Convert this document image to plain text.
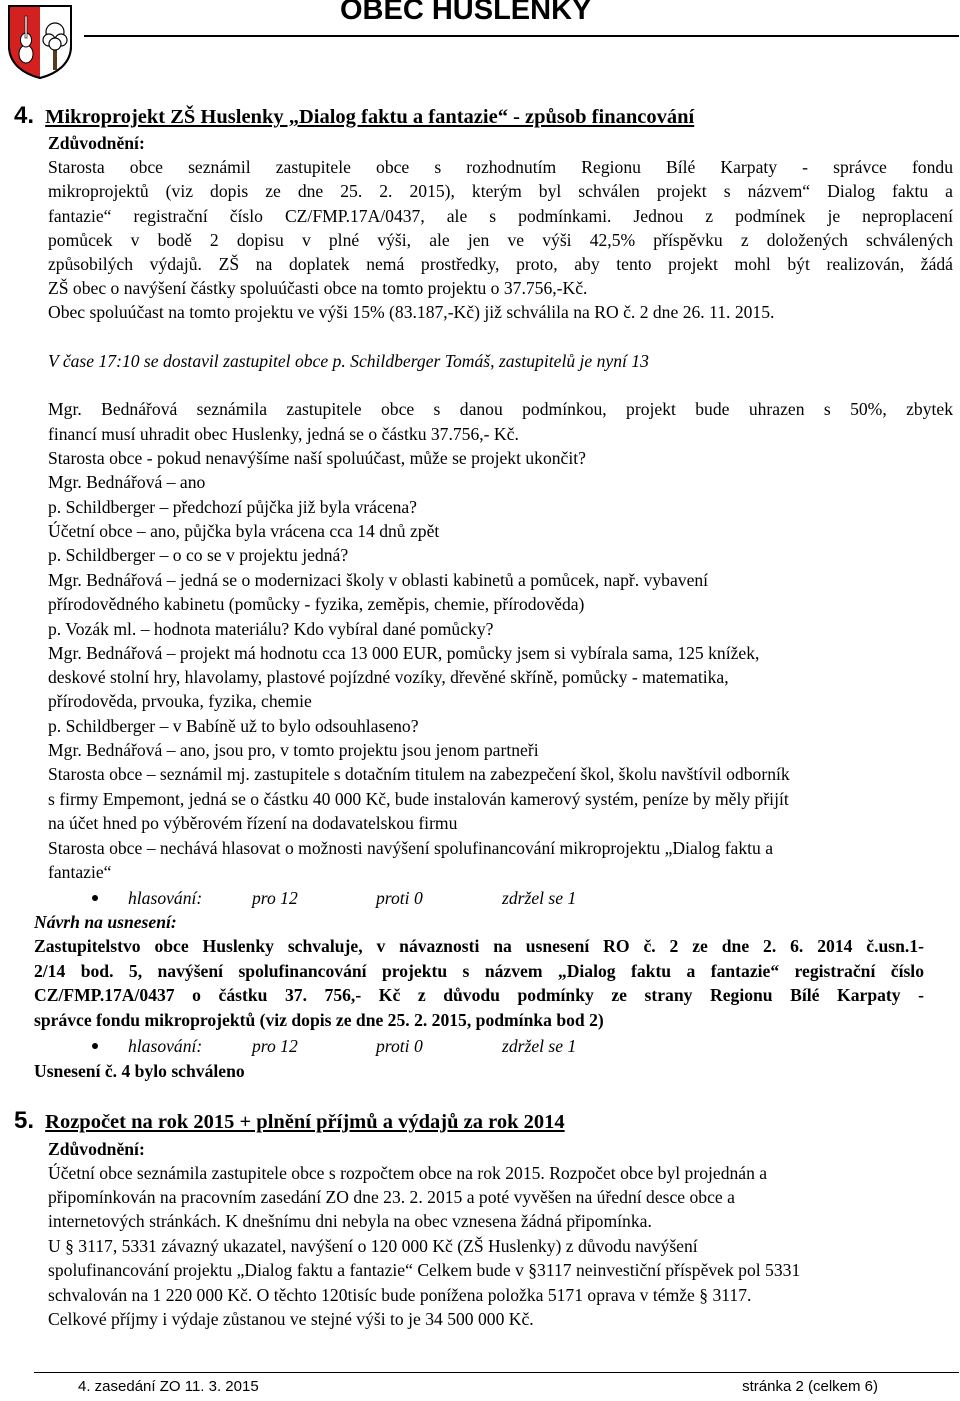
OBEC HUSLENKY
4. Mikroprojekt ZŠ Huslenky „Dialog faktu a fantazie“ - způsob financování
Zdůvodnění:
Starosta obce seznámil zastupitele obce s rozhodnutím Regionu Bílé Karpaty - správce fondu
mikroprojektů (viz dopis ze dne 25. 2. 2015), kterým byl schválen projekt s názvem“ Dialog faktu a
fantazie“ registrační číslo CZ/FMP.17A/0437, ale s podmínkami. Jednou z podmínek je neproplacení
pomůcek v bodě 2 dopisu v plné výši, ale jen ve výši 42,5% příspěvku z doložených schválených
způsobilých výdajů. ZŠ na doplatek nemá prostředky, proto, aby tento projekt mohl být realizován, žádá
ZŠ obec o navýšení částky spoluúčasti obce na tomto projektu o 37.756,-Kč.
Obec spoluúčast na tomto projektu ve výši 15% (83.187,-Kč) již schválila na RO č. 2 dne 26. 11. 2015.
V čase 17:10 se dostavil zastupitel obce p. Schildberger Tomáš, zastupitelů je nyní 13
Mgr. Bednářová seznámila zastupitele obce s danou podmínkou, projekt bude uhrazen s 50%, zbytek
financí musí uhradit obec Huslenky, jedná se o částku 37.756,- Kč.
Starosta obce - pokud nenavýšíme naší spoluúčast, může se projekt ukončit?
Mgr. Bednářová – ano
p. Schildberger – předchozí půjčka již byla vrácena?
Účetní obce – ano, půjčka byla vrácena cca 14 dnů zpět
p. Schildberger – o co se v projektu jedná?
Mgr. Bednářová – jedná se o modernizaci školy v oblasti kabinetů a pomůcek, např. vybavení
přírodovědného kabinetu (pomůcky - fyzika, zeměpis, chemie, přírodověda)
p. Vozák ml. – hodnota materiálu? Kdo vybíral dané pomůcky?
Mgr. Bednářová – projekt má hodnotu cca 13 000 EUR, pomůcky jsem si vybírala sama, 125 knížek,
deskové stolní hry, hlavolamy, plastové pojízdné vozíky, dřevěné skříně, pomůcky - matematika,
přírodověda, prvouka, fyzika, chemie
p. Schildberger – v Babíně už to bylo odsouhlaseno?
Mgr. Bednářová – ano, jsou pro, v tomto projektu jsou jenom partneři
Starosta obce – seznámil mj. zastupitele s dotačním titulem na zabezpečení škol, školu navštívil odborník
s firmy Empemont, jedná se o částku 40 000 Kč, bude instalován kamerový systém, peníze by měly přijít
na účet hned po výběrovém řízení na dodavatelskou firmu
Starosta obce – nechává hlasovat o možnosti navýšení spolufinancování mikroprojektu „Dialog faktu a
fantazie“
hlasování:	pro 12	proti 0	zdržel se 1
Návrh na usnesení:
Zastupitelstvo obce Huslenky schvaluje, v návaznosti na usnesení RO č. 2 ze dne 2. 6. 2014 č.usn.1-
2/14 bod. 5, navýšení spolufinancování projektu s názvem „Dialog faktu a fantazie“ registrační číslo
CZ/FMP.17A/0437 o částku 37. 756,- Kč z důvodu podmínky ze strany Regionu Bílé Karpaty -
správce fondu mikroprojektů (viz dopis ze dne 25. 2. 2015, podmínka bod 2)
hlasování:	pro 12	proti 0	zdržel se 1
Usnesení č. 4 bylo schváleno
5. Rozpočet na rok 2015 + plnění příjmů a výdajů za rok 2014
Zdůvodnění:
Účetní obce seznámila zastupitele obce s rozpočtem obce na rok 2015. Rozpočet obce byl projednán a
připomínkován na pracovním zasedání ZO dne 23. 2. 2015 a poté vyvěšen na úřední desce obce a
internetových stránkách. K dnešnímu dni nebyla na obec vznesena žádná připomínka.
U § 3117, 5331 závazný ukazatel, navýšení o 120 000 Kč (ZŠ Huslenky) z důvodu navýšení
spolufinancování projektu „Dialog faktu a fantazie“ Celkem bude v §3117 neinvestiční příspěvek pol 5331
schvalován na 1 220 000 Kč. O těchto 120tisíc bude ponížena položka 5171 oprava v témže § 3117.
Celkové příjmy i výdaje zůstanou ve stejné výši to je 34 500 000 Kč.
4. zasedání ZO 11. 3. 2015	stránka 2 (celkem 6)
